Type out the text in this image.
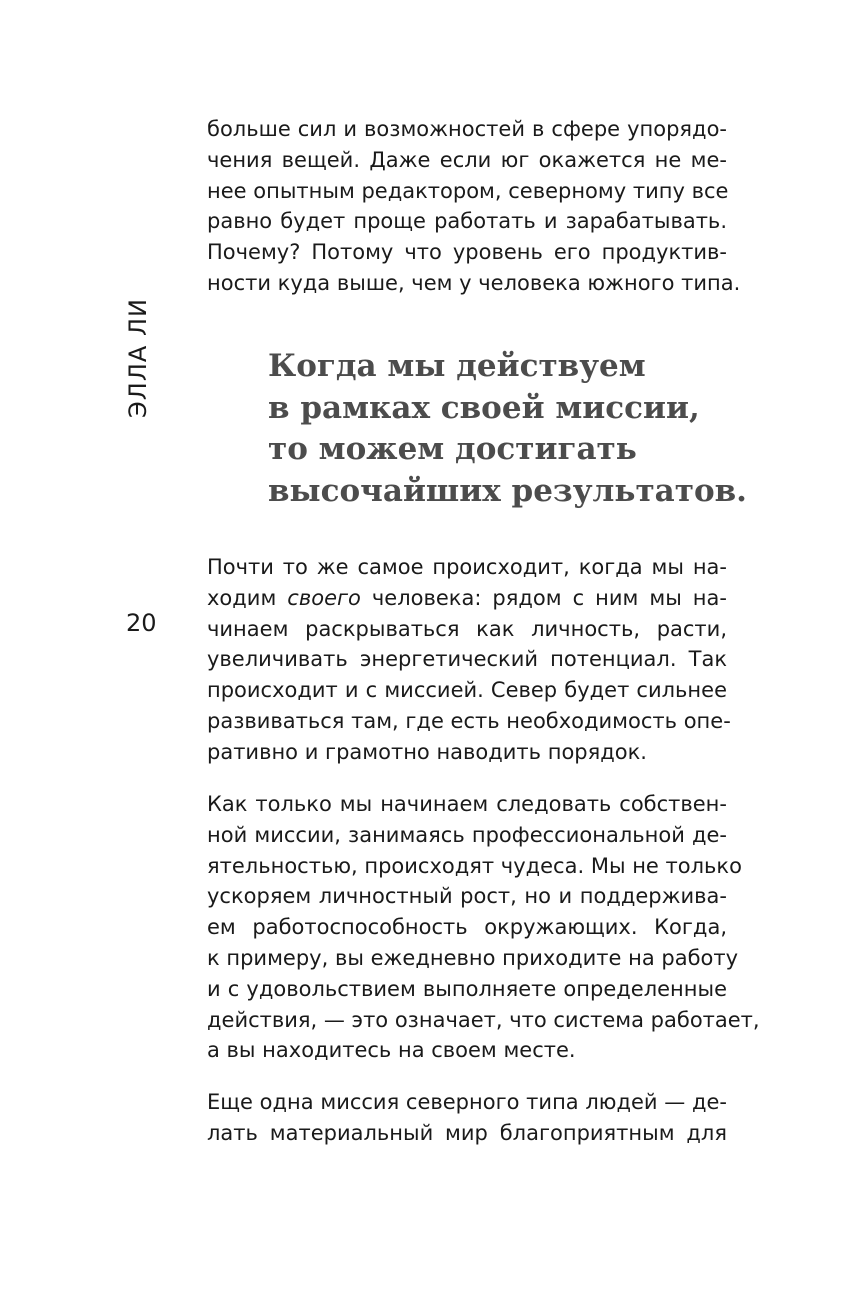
ЭЛЛА ЛИ
20
больше сил и возможностей в сфере упорядо-
чения вещей. Даже если юг окажется не ме-
нее опытным редактором, северному типу все
равно будет проще работать и зарабатывать.
Почему? Потому что уровень его продуктив-
ности куда выше, чем у человека южного типа.
Когда мы действуем
в рамках своей миссии,
то можем достигать
высочайших результатов.
Почти то же самое происходит, когда мы на-
ходим своего человека: рядом с ним мы на-
чинаем раскрываться как личность, расти,
увеличивать энергетический потенциал. Так
происходит и с миссией. Север будет сильнее
развиваться там, где есть необходимость опе-
ративно и грамотно наводить порядок.
Как только мы начинаем следовать собствен-
ной миссии, занимаясь профессиональной де-
ятельностью, происходят чудеса. Мы не только
ускоряем личностный рост, но и поддержива-
ем работоспособность окружающих. Когда,
к примеру, вы ежедневно приходите на работу
и с удовольствием выполняете определенные
действия, — это означает, что система работает,
а вы находитесь на своем месте.
Еще одна миссия северного типа людей — де-
лать материальный мир благоприятным для
